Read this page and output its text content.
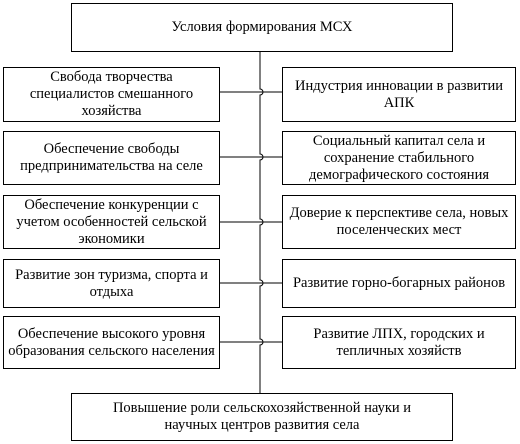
Условия формирования МСХ
Свобода творчества специалистов смешанного хозяйства
Обеспечение свободы предпринимательства на селе
Обеспечение конкуренции с учетом особенностей сельской экономики
Развитие зон туризма, спорта и отдыха
Обеспечение высокого уровня образования сельского населения
Индустрия инновации в развитии АПК
Социальный капитал села и сохранение стабильного демографического состояния
Доверие к перспективе села, новых поселенческих мест
Развитие горно-богарных районов
Развитие ЛПХ, городских и тепличных хозяйств
Повышение роли сельскохозяйственной науки и научных центров развития села
